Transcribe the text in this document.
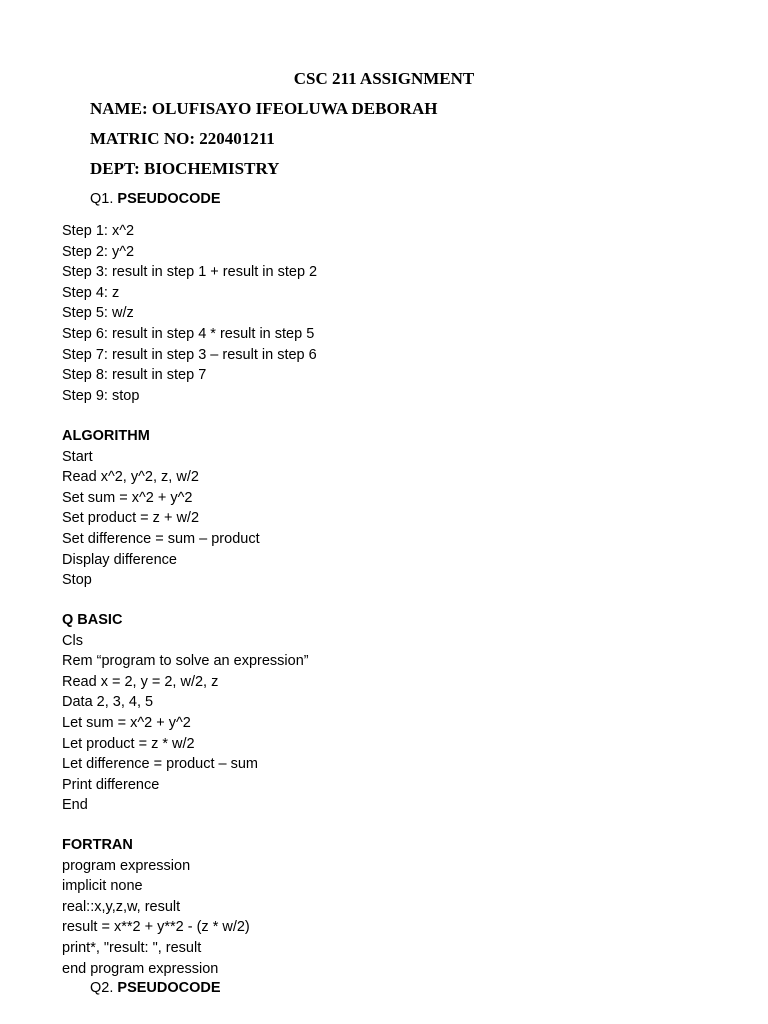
CSC 211 ASSIGNMENT
NAME: OLUFISAYO IFEOLUWA DEBORAH
MATRIC NO: 220401211
DEPT: BIOCHEMISTRY
Q1. PSEUDOCODE
Step 1: x^2
Step 2: y^2
Step 3: result in step 1 + result in step 2
Step 4: z
Step 5: w/z
Step 6: result in step 4 * result in step 5
Step 7: result in step 3 – result in step 6
Step 8: result in step 7
Step 9: stop
ALGORITHM
Start
Read x^2, y^2, z, w/2
Set sum = x^2 + y^2
Set product = z + w/2
Set difference = sum – product
Display difference
Stop
Q BASIC
Cls
Rem “program to solve an expression”
Read x = 2, y = 2, w/2, z
Data 2, 3, 4, 5
Let sum = x^2 + y^2
Let product = z * w/2
Let difference = product – sum
Print difference
End
FORTRAN
program expression
implicit none
real::x,y,z,w, result
result = x**2 + y**2 - (z * w/2)
print*, "result: ", result
end program expression
Q2. PSEUDOCODE
